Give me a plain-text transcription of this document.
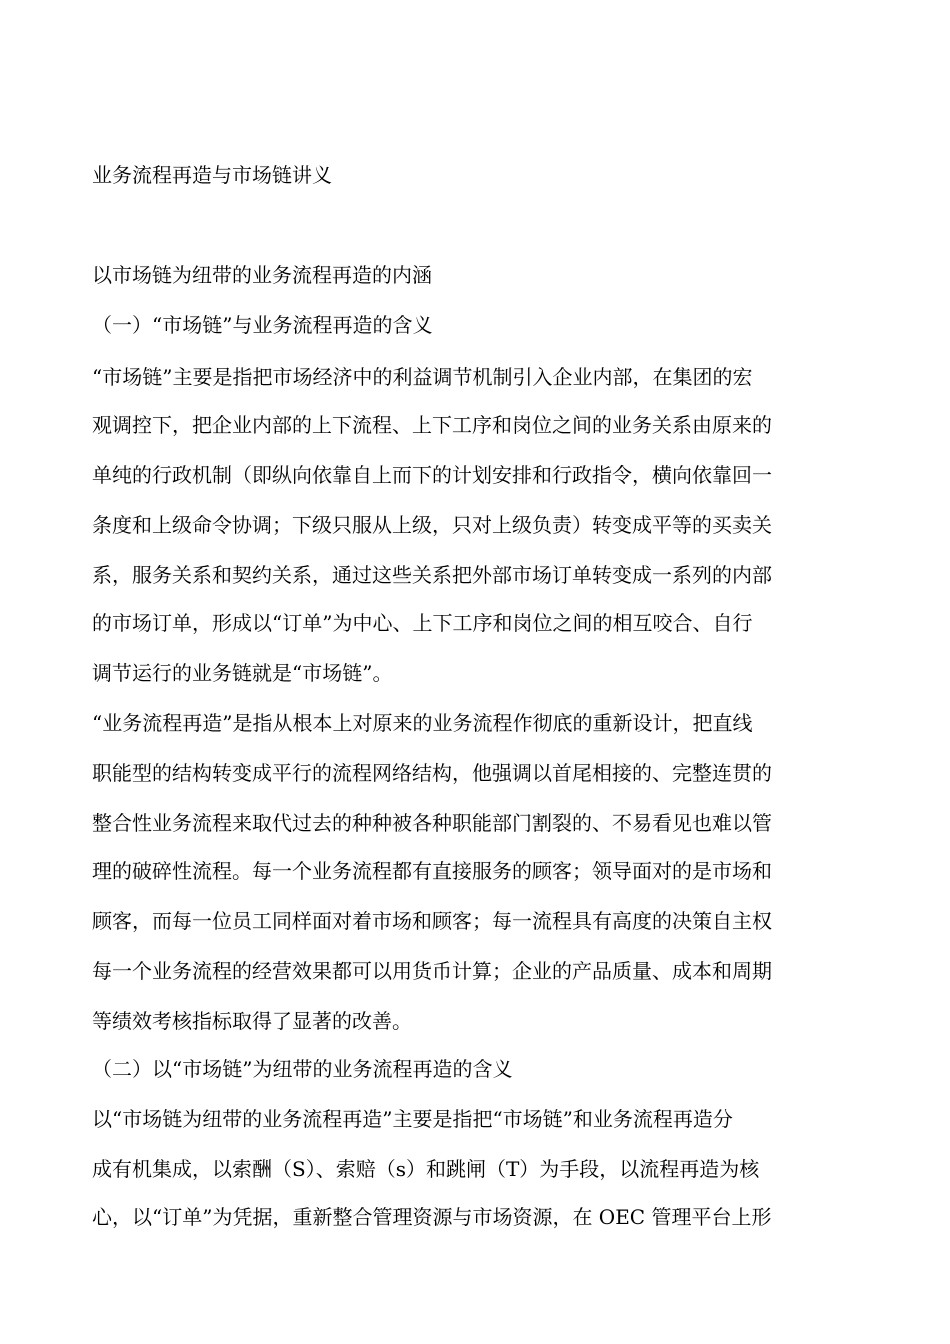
业务流程再造与市场链讲义

以市场链为纽带的业务流程再造的内涵

（一）“市场链”与业务流程再造的含义

“市场链”主要是指把市场经济中的利益调节机制引入企业内部，在集团的宏

观调控下，把企业内部的上下流程、上下工序和岗位之间的业务关系由原来的

单纯的行政机制（即纵向依靠自上而下的计划安排和行政指令，横向依靠回一

条度和上级命令协调；下级只服从上级，只对上级负责）转变成平等的买卖关

系，服务关系和契约关系，通过这些关系把外部市场订单转变成一系列的内部

的市场订单，形成以“订单”为中心、上下工序和岗位之间的相互咬合、自行

调节运行的业务链就是“市场链”。

“业务流程再造”是指从根本上对原来的业务流程作彻底的重新设计，把直线

职能型的结构转变成平行的流程网络结构，他强调以首尾相接的、完整连贯的

整合性业务流程来取代过去的种种被各种职能部门割裂的、不易看见也难以管

理的破碎性流程。每一个业务流程都有直接服务的顾客；领导面对的是市场和

顾客，而每一位员工同样面对着市场和顾客；每一流程具有高度的决策自主权

每一个业务流程的经营效果都可以用货币计算；企业的产品质量、成本和周期

等绩效考核指标取得了显著的改善。

（二）以“市场链”为纽带的业务流程再造的含义

以“市场链为纽带的业务流程再造”主要是指把“市场链”和业务流程再造分

成有机集成，以索酬（S）、索赔（s）和跳闸（T）为手段，以流程再造为核

心，以“订单”为凭据，重新整合管理资源与市场资源，在 OEC 管理平台上形
